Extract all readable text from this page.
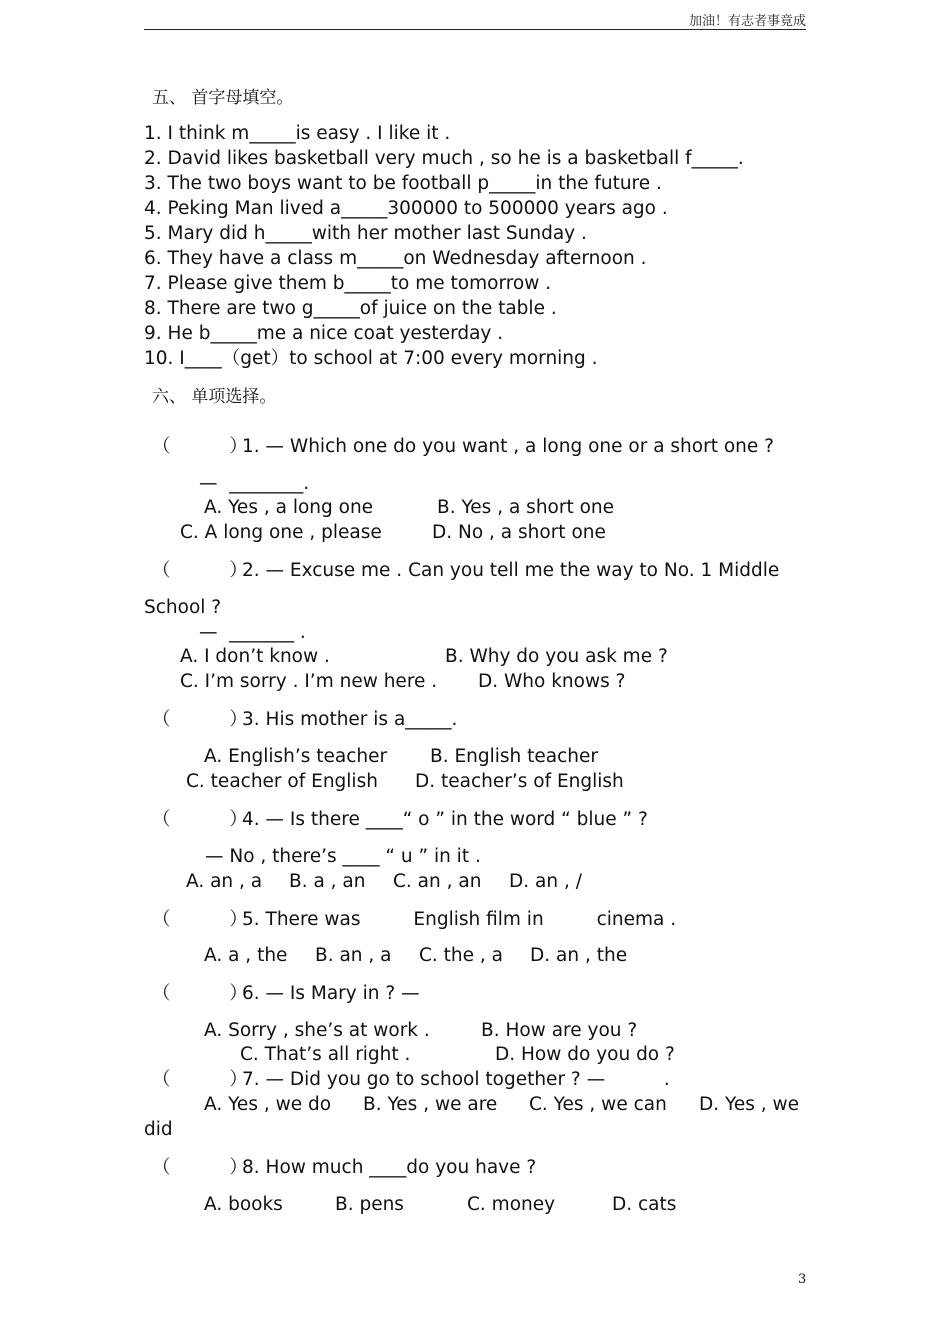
加油！有志者事竟成
五、 首字母填空。
1. I think m_____is easy . I like it .
2. David likes basketball very much , so he is a basketball f_____.
3. The two boys want to be football p_____in the future .
4. Peking Man lived a_____300000 to 500000 years ago .
5. Mary did h_____with her mother last Sunday .
6. They have a class m_____on Wednesday afternoon .
7. Please give them b_____to me tomorrow .
8. There are two g_____of juice on the table .
9. He b_____me a nice coat yesterday .
10. I____（get）to school at 7:00 every morning .
六、 单项选择。
（          ）1. — Which one do you want , a long one or a short one ?
—  ________.
A. Yes , a long one	B. Yes , a short one
C. A long one , please	D. No , a short one
（          ）2. — Excuse me . Can you tell me the way to No. 1 Middle
School ?
—  _______ .
A. I don’t know .	B. Why do you ask me ?
C. I’m sorry . I’m new here . D. Who knows ?
（          ）3. His mother is a_____.
A. English’s teacher B. English teacher
C. teacher of English D. teacher’s of English
（          ）4. — Is there ____“ o ” in the word “ blue ” ?
— No , there’s ____ “ u ” in it .
A. an , a B. a , an C. an , an D. an , /
（          ）5. There was         English film in         cinema .
A. a , the B. an , a C. the , a D. an , the
（          ）6. — Is Mary in ? —
A. Sorry , she’s at work .	B. How are you ?
C. That’s all right .	D. How do you do ?
（          ）7. — Did you go to school together ? —          .
A. Yes , we do B. Yes , we are C. Yes , we can D. Yes , we
did
（          ）8. How much ____do you have ?
A. books	B. pens	C. money	D. cats
3
